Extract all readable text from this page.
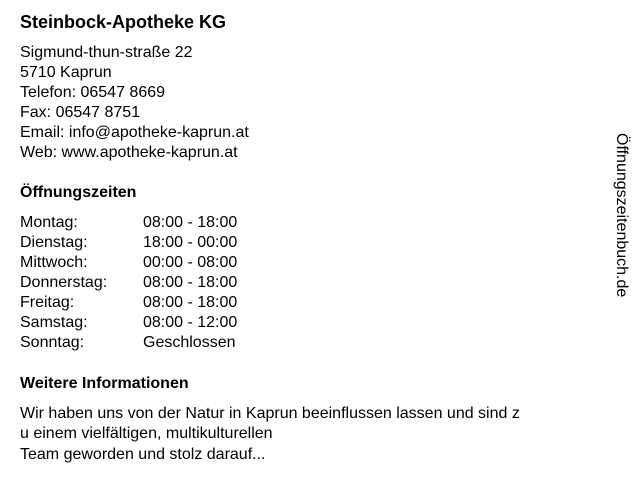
Steinbock-Apotheke KG
Sigmund-thun-straße 22
5710 Kaprun
Telefon: 06547 8669
Fax: 06547 8751
Email: info@apotheke-kaprun.at
Web: www.apotheke-kaprun.at
Öffnungszeiten
Montag:	08:00 - 18:00
Dienstag:	18:00 - 00:00
Mittwoch:	00:00 - 08:00
Donnerstag: 08:00 - 18:00
Freitag:	08:00 - 18:00
Samstag:	08:00 - 12:00
Sonntag:	Geschlossen
Weitere Informationen
Wir haben uns von der Natur in Kaprun beeinflussen lassen und sind z
u einem vielfältigen, multikulturellen
Team geworden und stolz darauf...
Öffnungszeitenbuch.de
